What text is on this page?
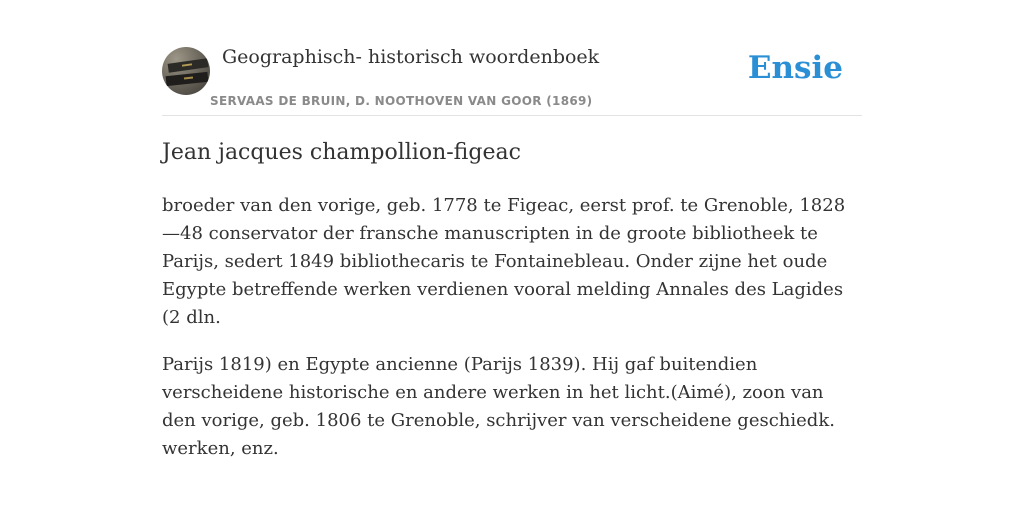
Geographisch- historisch woordenboek
SERVAAS DE BRUIN, D. NOOTHOVEN VAN GOOR (1869)
Ensie
Jean jacques champollion-figeac

broeder van den vorige, geb. 1778 te Figeac, eerst prof. te Grenoble, 1828—48 conservator der fransche manuscripten in de groote bibliotheek te Parijs, sedert 1849 bibliothecaris te Fontainebleau. Onder zijne het oude Egypte betreffende werken verdienen vooral melding Annales des Lagides (2 dln.

Parijs 1819) en Egypte ancienne (Parijs 1839). Hij gaf buitendien verscheidene historische en andere werken in het licht.(Aimé), zoon van den vorige, geb. 1806 te Grenoble, schrijver van verscheidene geschiedk. werken, enz.
